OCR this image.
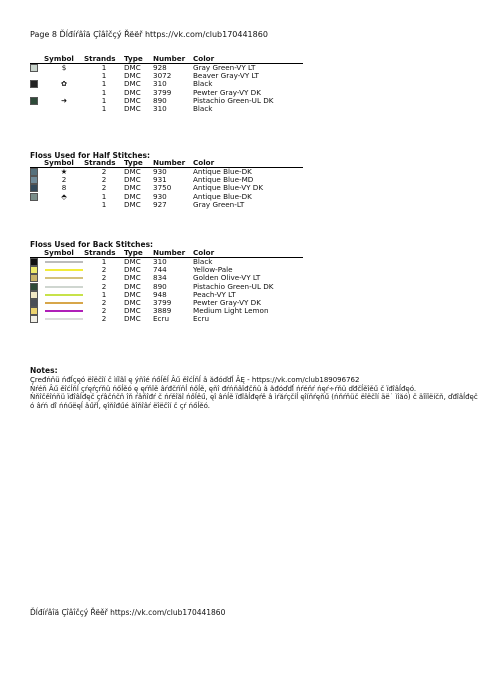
Page 8 Ďĺđíŕâîä Çîâîčçý Řëëř https://vk.com/club170441860
	Symbol	Strands	Type	Number	Color
	$	1	DMC	928	Gray Green-VY LT
		1	DMC	3072	Beaver Gray-VY LT
	✿	1	DMC	310	Black
		1	DMC	3799	Pewter Gray-VY DK
	➜	1	DMC	890	Pistachio Green-UL DK
		1	DMC	310	Black
Floss Used for Half Stitches:
	Symbol	Strands	Type	Number	Color
	★	2	DMC	930	Antique Blue-DK
	2	2	DMC	931	Antique Blue-MD
	8	2	DMC	3750	Antique Blue-VY DK
	⬘	1	DMC	930	Antique Blue-DK
		1	DMC	927	Gray Green-LT
Floss Used for Back Stitches:
	Symbol	Strands	Type	Number	Color
		1	DMC	310	Black
		2	DMC	744	Yellow-Pale
		2	DMC	834	Golden Olive-VY LT
		2	DMC	890	Pistachio Green-UL DK
		1	DMC	948	Peach-VY LT
		2	DMC	3799	Pewter Gray-VY DK
		2	DMC	3889	Medium Light Lemon
		2	DMC	Ecru	Ecru
Notes:
Çređńňü ńđĺçęó ëîëčîí č ìíîãî ę ýňîé ńőĺěĺ Âű ěîćĺňĺ â ăđóďďĺ ÂĘ - https://vk.com/club189096762
Ńŕéň Âű ěîćĺňĺ çŕęŕçŕňü ńőĺěó ę ęŕňîě âŕđčŕíňĺ ńőĺě, ęňî đŕńňâîđčňü â ăđóďďĺ ńŕéňŕ ńęŕ÷ŕňü ďđčĺěîěű č ïđîâĺđęó.
Ńňîčěîńňü ïđîâĺđęč çŕâčńčň îň ŕâňîđŕ č ńŕěîăî ńőĺěű, ęî âńĺě ïđîâĺđęŕě â ìŕăŕçčíĺ ęîíňŕęňű (ńňŕňüč ëîëčîí äë˙ ìîăó) č äîïîëíčň, ďđîâĺđęč ó âŕń ďî ńńűëęĺ âűřĺ, ęîňîđűé ăîňîâŕ ëîëčîí č çŕ ńőĺěó.
Ďĺđíŕâîä Çîâîčçý Řëěř https://vk.com/club170441860
